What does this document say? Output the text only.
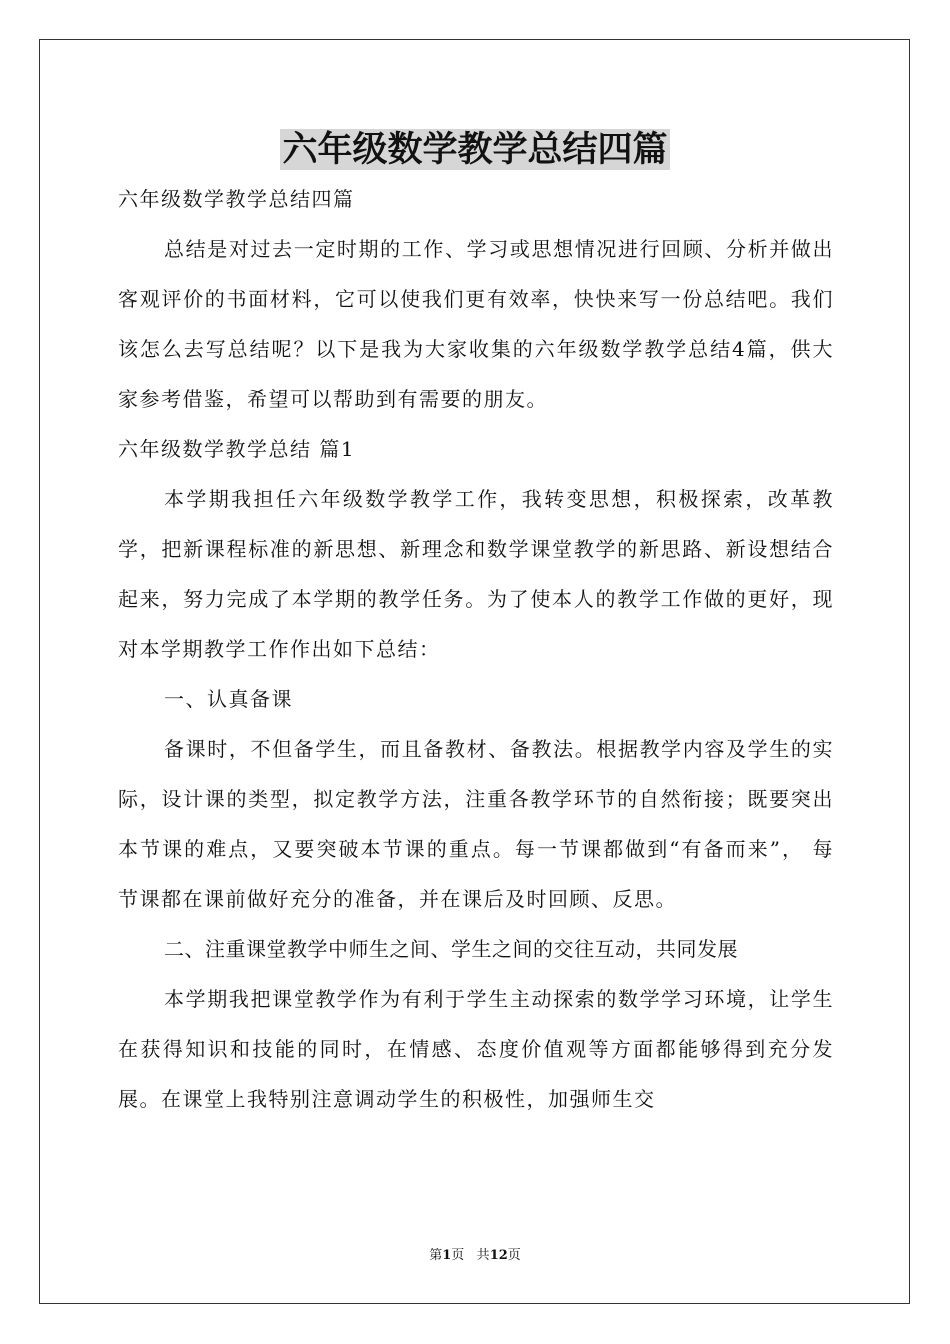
六年级数学教学总结四篇

六年级数学教学总结四篇

总结是对过去一定时期的工作、学习或思想情况进行回顾、分析并做出客观评价的书面材料，它可以使我们更有效率，快快来写一份总结吧。我们该怎么去写总结呢？以下是我为大家收集的六年级数学教学总结4篇，供大家参考借鉴，希望可以帮助到有需要的朋友。

六年级数学教学总结 篇1

本学期我担任六年级数学教学工作，我转变思想，积极探索，改革教学，把新课程标准的新思想、新理念和数学课堂教学的新思路、新设想结合起来，努力完成了本学期的教学任务。为了使本人的教学工作做的更好，现对本学期教学工作作出如下总结：

一、认真备课

备课时，不但备学生，而且备教材、备教法。根据教学内容及学生的实际，设计课的类型，拟定教学方法，注重各教学环节的自然衔接；既要突出本节课的难点，又要突破本节课的重点。每一节课都做到“有备而来”， 每节课都在课前做好充分的准备，并在课后及时回顾、反思。

二、注重课堂教学中师生之间、学生之间的交往互动，共同发展

本学期我把课堂教学作为有利于学生主动探索的数学学习环境，让学生在获得知识和技能的同时，在情感、态度价值观等方面都能够得到充分发展。在课堂上我特别注意调动学生的积极性，加强师生交

第1页 共12页
